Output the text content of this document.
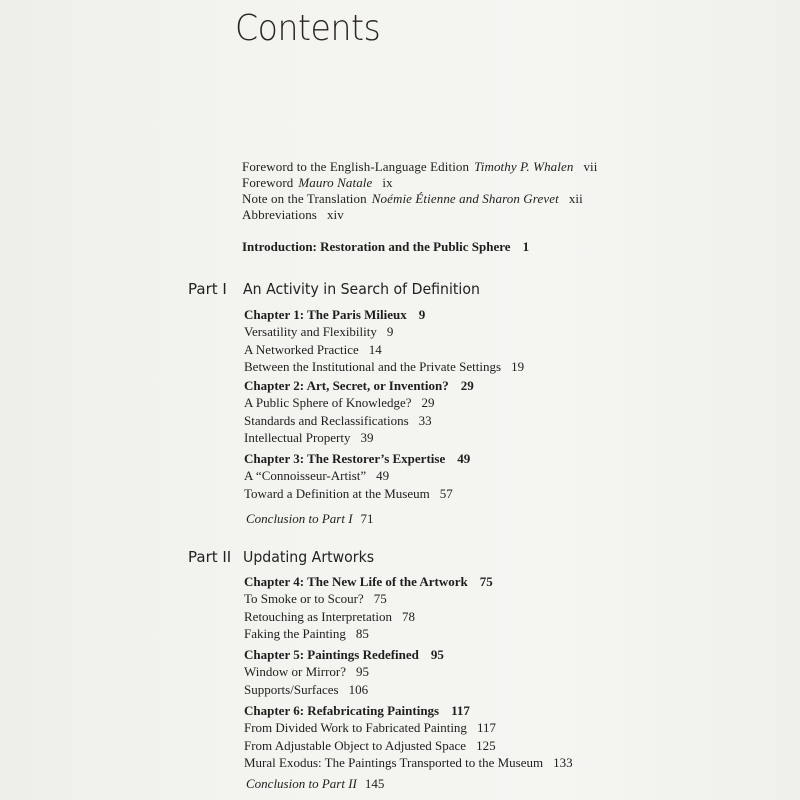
Contents
Foreword to the English-Language Edition Timothy P. Whalen vii
Foreword Mauro Natale ix
Note on the Translation Noémie Étienne and Sharon Grevet xii
Abbreviations xiv
Introduction: Restoration and the Public Sphere 1
Part I An Activity in Search of Definition
Chapter 1: The Paris Milieux 9
Versatility and Flexibility 9
A Networked Practice 14
Between the Institutional and the Private Settings 19
Chapter 2: Art, Secret, or Invention? 29
A Public Sphere of Knowledge? 29
Standards and Reclassifications 33
Intellectual Property 39
Chapter 3: The Restorer’s Expertise 49
A “Connoisseur-Artist” 49
Toward a Definition at the Museum 57
Conclusion to Part I 71
Part II Updating Artworks
Chapter 4: The New Life of the Artwork 75
To Smoke or to Scour? 75
Retouching as Interpretation 78
Faking the Painting 85
Chapter 5: Paintings Redefined 95
Window or Mirror? 95
Supports/Surfaces 106
Chapter 6: Refabricating Paintings 117
From Divided Work to Fabricated Painting 117
From Adjustable Object to Adjusted Space 125
Mural Exodus: The Paintings Transported to the Museum 133
Conclusion to Part II 145
